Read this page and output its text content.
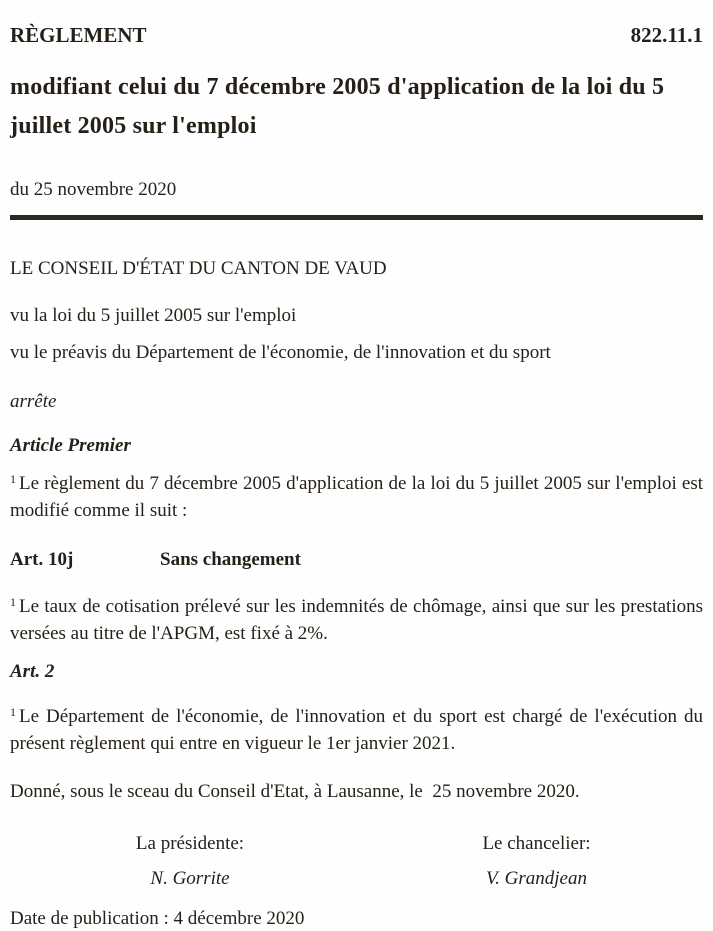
RÈGLEMENT	822.11.1
modifiant celui du 7 décembre 2005 d'application de la loi du 5 juillet 2005 sur l'emploi
du 25 novembre 2020
LE CONSEIL D'ÉTAT DU CANTON DE VAUD
vu la loi du 5 juillet 2005 sur l'emploi
vu le préavis du Département de l'économie, de l'innovation et du sport
arrête
Article Premier

$^1$ Le règlement du 7 décembre 2005 d'application de la loi du 5 juillet 2005 sur l'emploi est modifié comme il suit :

Art. 10j	Sans changement

$^1$ Le taux de cotisation prélevé sur les indemnités de chômage, ainsi que sur les prestations versées au titre de l'APGM, est fixé à 2%.

Art. 2

$^1$ Le Département de l'économie, de l'innovation et du sport est chargé de l'exécution du présent règlement qui entre en vigueur le 1er janvier 2021.

Donné, sous le sceau du Conseil d'Etat, à Lausanne, le  25 novembre 2020.
La présidente:	Le chancelier:
N. Gorrite	V. Grandjean
Date de publication : 4 décembre 2020
